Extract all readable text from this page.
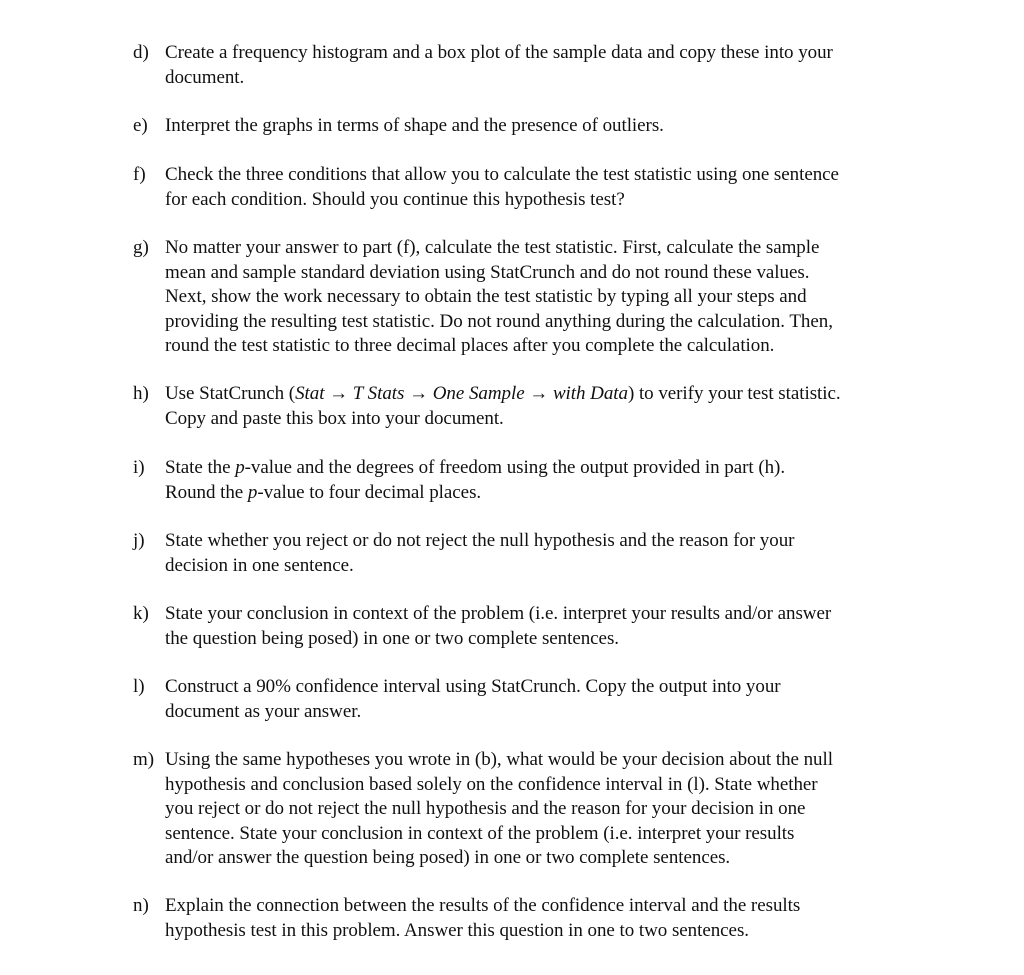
d) Create a frequency histogram and a box plot of the sample data and copy these into your
document.
e) Interpret the graphs in terms of shape and the presence of outliers.
f) Check the three conditions that allow you to calculate the test statistic using one sentence
for each condition. Should you continue this hypothesis test?
g) No matter your answer to part (f), calculate the test statistic. First, calculate the sample
mean and sample standard deviation using StatCrunch and do not round these values.
Next, show the work necessary to obtain the test statistic by typing all your steps and
providing the resulting test statistic. Do not round anything during the calculation. Then,
round the test statistic to three decimal places after you complete the calculation.
h) Use StatCrunch (Stat → T Stats → One Sample → with Data) to verify your test statistic.
Copy and paste this box into your document.
i) State the p-value and the degrees of freedom using the output provided in part (h).
Round the p-value to four decimal places.
j) State whether you reject or do not reject the null hypothesis and the reason for your
decision in one sentence.
k) State your conclusion in context of the problem (i.e. interpret your results and/or answer
the question being posed) in one or two complete sentences.
l) Construct a 90% confidence interval using StatCrunch. Copy the output into your
document as your answer.
m) Using the same hypotheses you wrote in (b), what would be your decision about the null
hypothesis and conclusion based solely on the confidence interval in (l). State whether
you reject or do not reject the null hypothesis and the reason for your decision in one
sentence. State your conclusion in context of the problem (i.e. interpret your results
and/or answer the question being posed) in one or two complete sentences.
n) Explain the connection between the results of the confidence interval and the results
hypothesis test in this problem. Answer this question in one to two sentences.
